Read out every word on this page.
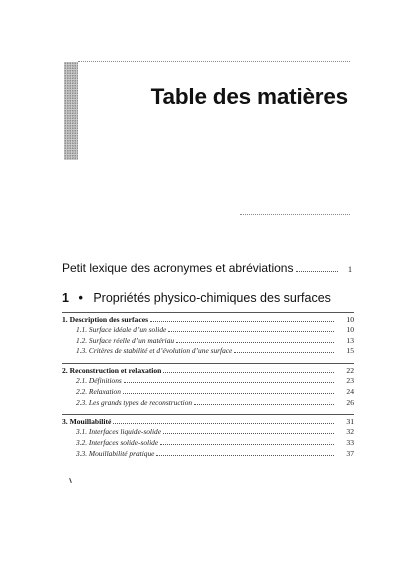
Table des matières
Petit lexique des acronymes et abréviations	1
1 • Propriétés physico-chimiques des surfaces
1. Description des surfaces	10
1.1. Surface idéale d’un solide	10
1.2. Surface réelle d’un matériau	13
1.3. Critères de stabilité et d’évolution d’une surface	15
2. Reconstruction et relaxation	22
2.1. Définitions	23
2.2. Relaxation	24
2.3. Les grands types de reconstruction	26
3. Mouillabilité	31
3.1. Interfaces liquide-solide	32
3.2. Interfaces solide-solide	33
3.3. Mouillabilité pratique	37
